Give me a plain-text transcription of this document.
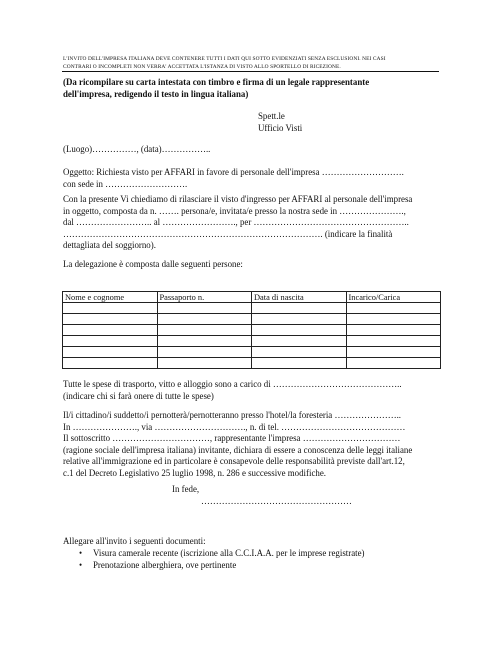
L'INVITO DELL'IMPRESA ITALIANA DEVE CONTENERE TUTTI I DATI QUI SOTTO EVIDENZIATI SENZA ESCLUSIONI. NEI CASI
CONTRARI O INCOMPLETI NON VERRA' ACCETTATA L'ISTANZA DI VISTO ALLO SPORTELLO DI RICEZIONE.
(Da ricompilare su carta intestata con timbro e firma di un legale rappresentante
dell'impresa, redigendo il testo in lingua italiana)
Spett.le
Ufficio Visti
(Luogo)……………, (data)……………..
Oggetto: Richiesta visto per AFFARI in favore di personale dell'impresa ……………………….
con sede in ……………………….
Con la presente Vi chiediamo di rilasciare il visto d'ingresso per AFFARI al personale dell'impresa
in oggetto, composta da n. ……. persona/e, invitata/e presso la nostra sede in ………………….,
dal …………………….. al ……………………., per ……………………………………………..
……………………………………………………………………………. (indicare la finalità
dettagliata del soggiorno).
La delegazione è composta dalle seguenti persone:
Nome e cognome	Passaporto n.	Data di nascita	Incarico/Carica

Tutte le spese di trasporto, vitto e alloggio sono a carico di ……………………………………..
(indicare chi si farà onere di tutte le spese)
Il/i cittadino/i suddetto/i pernotterà/pernotteranno presso l'hotel/la foresteria …………………..
In …………………., via …………………………., n. di tel. ……………………………………
Il sottoscritto ……………………………, rappresentante l'impresa ……………………………
(ragione sociale dell'impresa italiana) invitante, dichiara di essere a conoscenza delle leggi italiane
relative all'immigrazione ed in particolare è consapevole delle responsabilità previste dall'art.12,
c.1 del Decreto Legislativo 25 luglio 1998, n. 286 e successive modifiche.
In fede,
……………………………………………
Allegare all'invito i seguenti documenti:
• Visura camerale recente (iscrizione alla C.C.I.A.A. per le imprese registrate)
• Prenotazione alberghiera, ove pertinente
